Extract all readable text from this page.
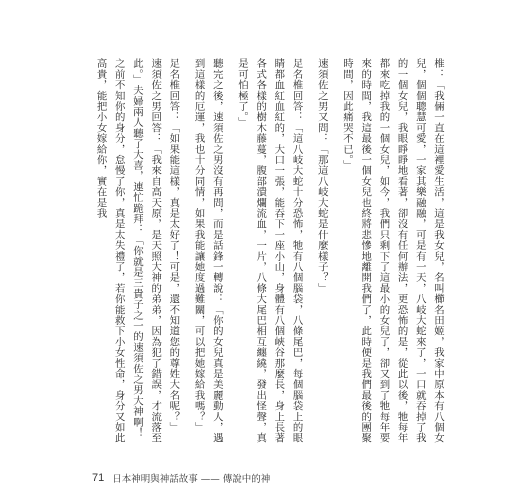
椎：「我倆一直在這裡愛生活，這是我女兒，名叫櫛名田姬，我家中原本有八個女兒，個個聰慧可愛，一家其樂融融，可是有一天，八岐大蛇來了，一口就吞掉了我的一個女兒，我眼睜睜地看著，卻沒有任何辦法，更恐怖的是，從此以後，牠每年都來吃掉我的一個女兒，如今，我們只剩下了這最小的女兒了，卻又到了牠每年要來的時間，我這最後一個女兒也終將悲慘地離開我們了，此時便是我們最後的團聚時間，因此痛哭不已。」

速須佐之男又問：「那這八岐大蛇是什麼樣子？」

足名椎回答：「這八岐大蛇十分恐怖，牠有八個腦袋，八條尾巴，每個腦袋上的眼睛都血紅血紅的，大口一張，能吞下一座小山，身體有八個峽谷那麼長，身上長著各式各樣的樹木藤蔓，腹部潰爛流血，一片，八條大尾巴相互纏繞，發出怪聲，真是可怕極了。」

聽完之後，速須佐之男沒有再問，而是話鋒一轉說：「你的女兒真是美麗動人，遇到這樣的厄運，我也十分同情，如果我能讓她度過難關，可以把她嫁給我嗎？」

足名椎回答：「如果能這樣，真是太好了！可是，還不知道您的尊姓大名呢？」

速須佐之男回答：「我來自高天原，是天照大神的弟弟，因為犯了錯誤，才流落至此。」夫婦兩人聽了大喜，連忙跪拜：「你就是三貴子之一的速須佐之男大神啊！之前不知你的身分，怠慢了你，真是太失禮了，若你能救下小女性命，身分又如此高貴，能把小女嫁給你，實在是我

71 日本神明與神話故事 —— 傳說中的神
